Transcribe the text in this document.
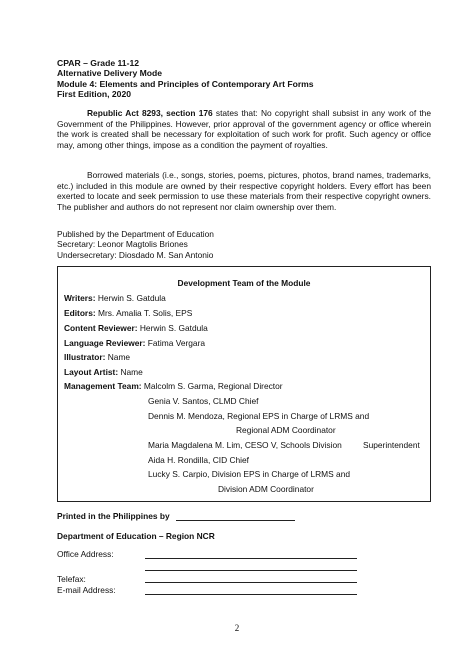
CPAR – Grade 11-12
Alternative Delivery Mode
Module 4: Elements and Principles of Contemporary Art Forms
First Edition, 2020
Republic Act 8293, section 176 states that: No copyright shall subsist in any work of the Government of the Philippines. However, prior approval of the government agency or office wherein the work is created shall be necessary for exploitation of such work for profit. Such agency or office may, among other things, impose as a condition the payment of royalties.
Borrowed materials (i.e., songs, stories, poems, pictures, photos, brand names, trademarks, etc.) included in this module are owned by their respective copyright holders. Every effort has been exerted to locate and seek permission to use these materials from their respective copyright owners. The publisher and authors do not represent nor claim ownership over them.
Published by the Department of Education
Secretary: Leonor Magtolis Briones
Undersecretary: Diosdado M. San Antonio
Development Team of the Module
Writers: Herwin S. Gatdula
Editors: Mrs. Amalia T. Solis, EPS
Content Reviewer: Herwin S. Gatdula
Language Reviewer: Fatima Vergara
Illustrator: Name
Layout Artist: Name
Management Team: Malcolm S. Garma, Regional Director
Genia V. Santos, CLMD Chief
Dennis M. Mendoza, Regional EPS in Charge of LRMS and
Regional ADM Coordinator
Maria Magdalena M. Lim, CESO V, Schools Division	Superintendent
Aida H. Rondilla, CID Chief
Lucky S. Carpio, Division EPS in Charge of LRMS and
Division ADM Coordinator
Printed in the Philippines by
Department of Education – Region NCR
Office Address:
Telefax:
E-mail Address:
2
